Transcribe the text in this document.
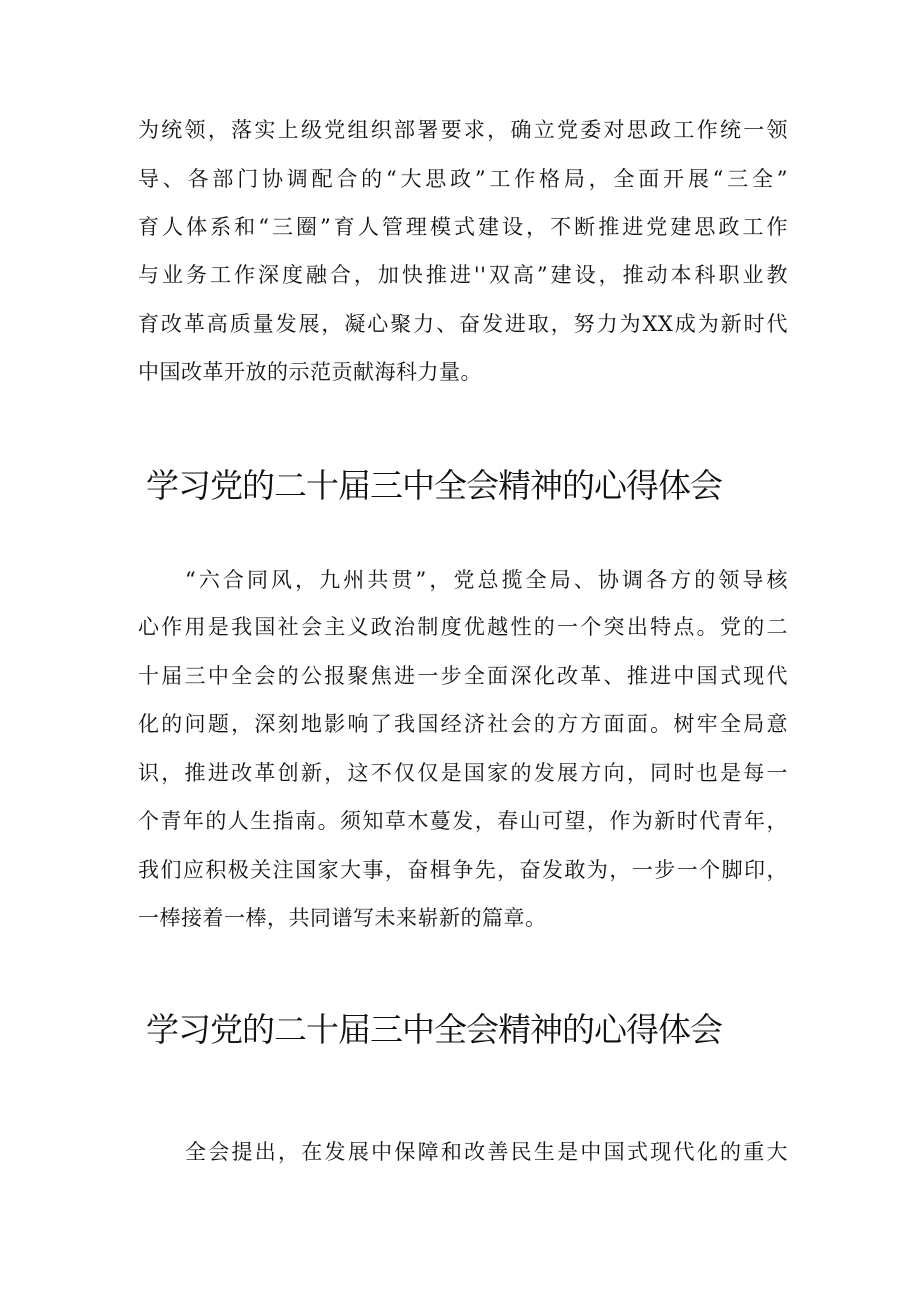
为统领，落实上级党组织部署要求，确立党委对思政工作统一领
导、各部门协调配合的“大思政”工作格局，全面开展“三全”
育人体系和“三圈”育人管理模式建设，不断推进党建思政工作
与业务工作深度融合，加快推进''双高”建设，推动本科职业教
育改革高质量发展，凝心聚力、奋发进取，努力为XX成为新时代
中国改革开放的示范贡献海科力量。
学习党的二十届三中全会精神的心得体会
“六合同风，九州共贯”，党总揽全局、协调各方的领导核
心作用是我国社会主义政治制度优越性的一个突出特点。党的二
十届三中全会的公报聚焦进一步全面深化改革、推进中国式现代
化的问题，深刻地影响了我国经济社会的方方面面。树牢全局意
识，推进改革创新，这不仅仅是国家的发展方向，同时也是每一
个青年的人生指南。须知草木蔓发，春山可望，作为新时代青年，
我们应积极关注国家大事，奋楫争先，奋发敢为，一步一个脚印，
一棒接着一棒，共同谱写未来崭新的篇章。
学习党的二十届三中全会精神的心得体会
全会提出，在发展中保障和改善民生是中国式现代化的重大
